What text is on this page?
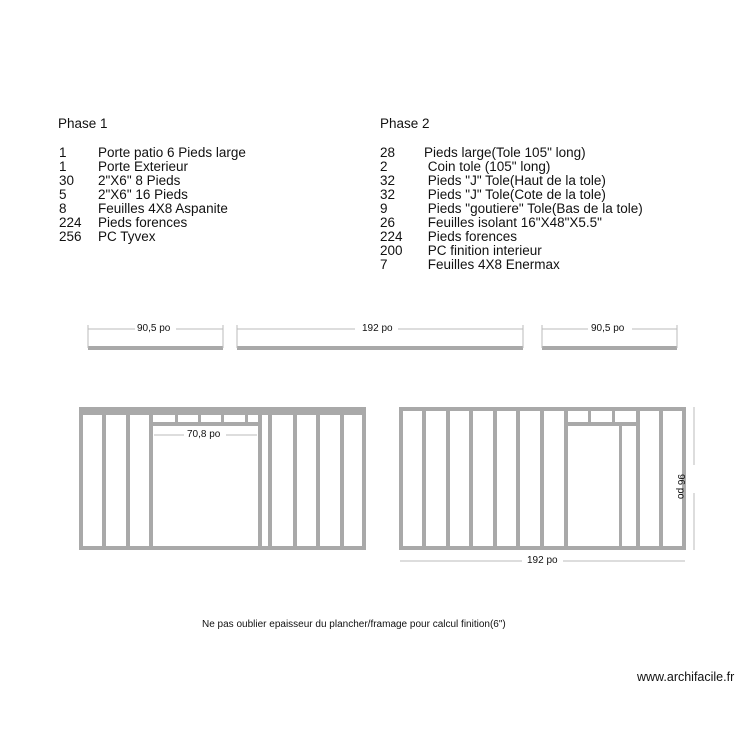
Phase 1	Phase 2
1 Porte patio 6 Pieds large
1 Porte Exterieur
30 2"X6" 8 Pieds
5 2"X6" 16 Pieds
8 Feuilles 4X8 Aspanite
224 Pieds forences
256 PC Tyvex
28 Pieds large(Tole 105" long)
2	Coin tole (105" long)
32 Pieds "J" Tole(Haut de la tole)
32 Pieds "J" Tole(Cote de la tole)
9	Pieds "goutiere" Tole(Bas de la tole)
26 Feuilles isolant 16"X48"X5.5"
224 Pieds forences
200 PC finition interieur
7	Feuilles 4X8 Enermax
90,5 po	192 po	90,5 po
70,8 po
192 po
96 po
Ne pas oublier epaisseur du plancher/framage pour calcul finition(6")
www.archifacile.fr
